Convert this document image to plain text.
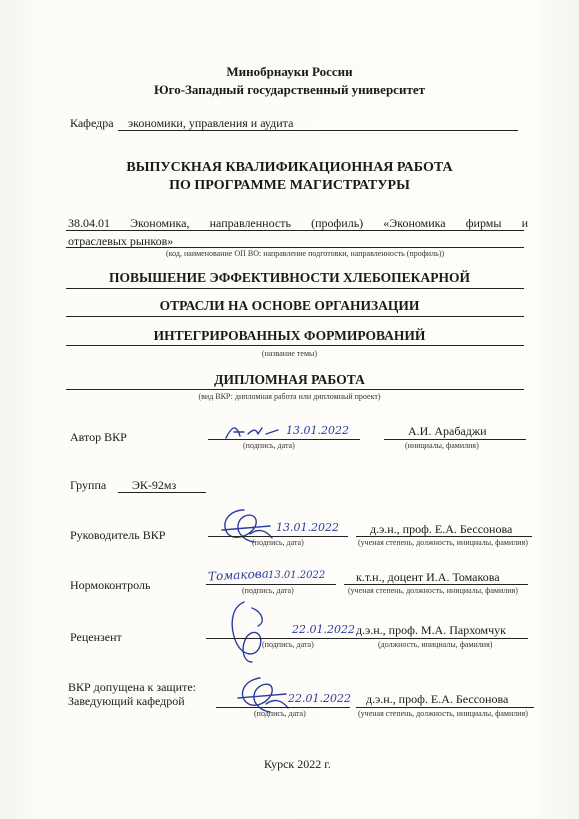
Минобрнауки России
Юго-Западный государственный университет
Кафедра экономики, управления и аудита
ВЫПУСКНАЯ КВАЛИФИКАЦИОННАЯ РАБОТА
ПО ПРОГРАММЕ МАГИСТРАТУРЫ
38.04.01 Экономика, направленность (профиль) «Экономика фирмы и
отраслевых рынков»
(код, наименование ОП ВО: направление подготовки, направленность (профиль))
ПОВЫШЕНИЕ ЭФФЕКТИВНОСТИ ХЛЕБОПЕКАРНОЙ
ОТРАСЛИ НА ОСНОВЕ ОРГАНИЗАЦИИ
ИНТЕГРИРОВАННЫХ ФОРМИРОВАНИЙ
(название темы)
ДИПЛОМНАЯ РАБОТА
(вид ВКР: дипломная работа или дипломный проект)
Автор ВКР	13.01.2022
(подпись, дата)
А.И. Арабаджи
(инициалы, фамилия)
Группа ЭК-92мз
Руководитель ВКР
13.01.2022
(подпись, дата)
д.э.н., проф. Е.А. Бессонова
(ученая степень, должность, инициалы, фамилия)
Нормоконтроль
Томакова
13.01.2022
(подпись, дата)
к.т.н., доцент И.А. Томакова
(ученая степень, должность, инициалы, фамилия)
Рецензент
22.01.2022
(подпись, дата)
д.э.н., проф. М.А. Пархомчук
(должность, инициалы, фамилия)
ВКР допущена к защите:
Заведующий кафедрой	22.01.2022
(подпись, дата)
д.э.н., проф. Е.А. Бессонова
(ученая степень, должность, инициалы, фамилия)
Курск 2022 г.
